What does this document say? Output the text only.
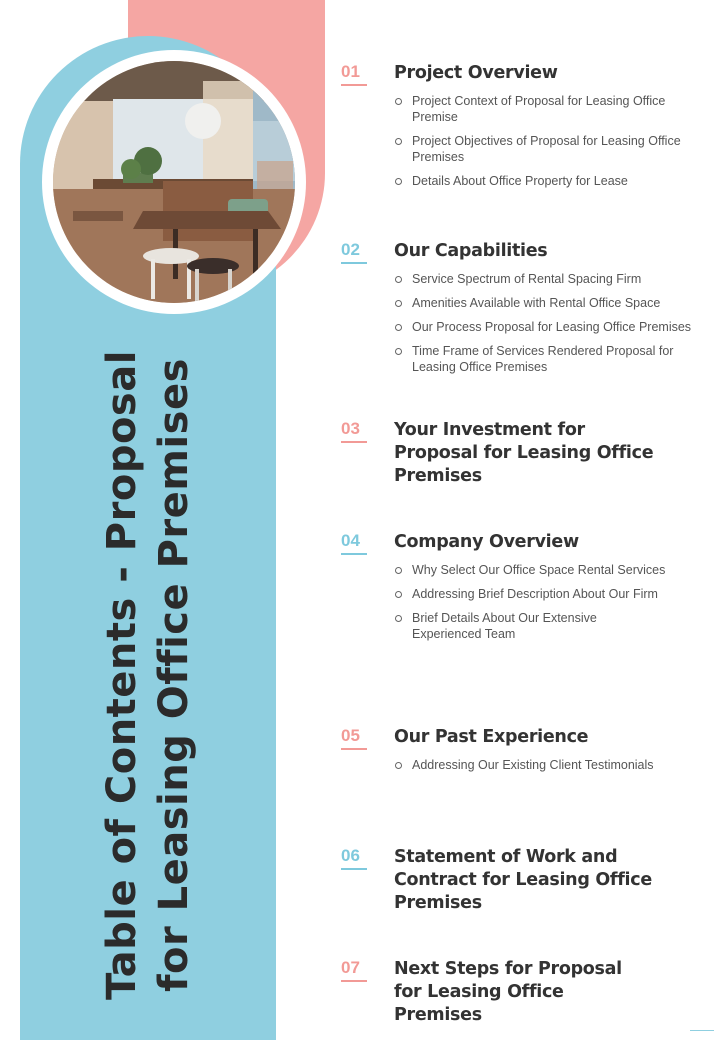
Table of Contents - Proposal for Leasing Office Premises
01	Project Overview
Project Context of Proposal for Leasing Office Premise
Project Objectives of Proposal for Leasing Office Premises
Details About Office Property for Lease
02	Our Capabilities
Service Spectrum of Rental Spacing Firm
Amenities Available with Rental Office Space
Our Process Proposal for Leasing Office Premises
Time Frame of Services Rendered Proposal for Leasing Office Premises
03	Your Investment for Proposal for Leasing Office Premises
04	Company Overview
Why Select Our Office Space Rental Services
Addressing Brief Description About Our Firm
Brief Details About Our Extensive Experienced Team
05	Our Past Experience
Addressing Our Existing Client Testimonials
06	Statement of Work and Contract for Leasing Office Premises
07	Next Steps for Proposal for Leasing Office Premises
